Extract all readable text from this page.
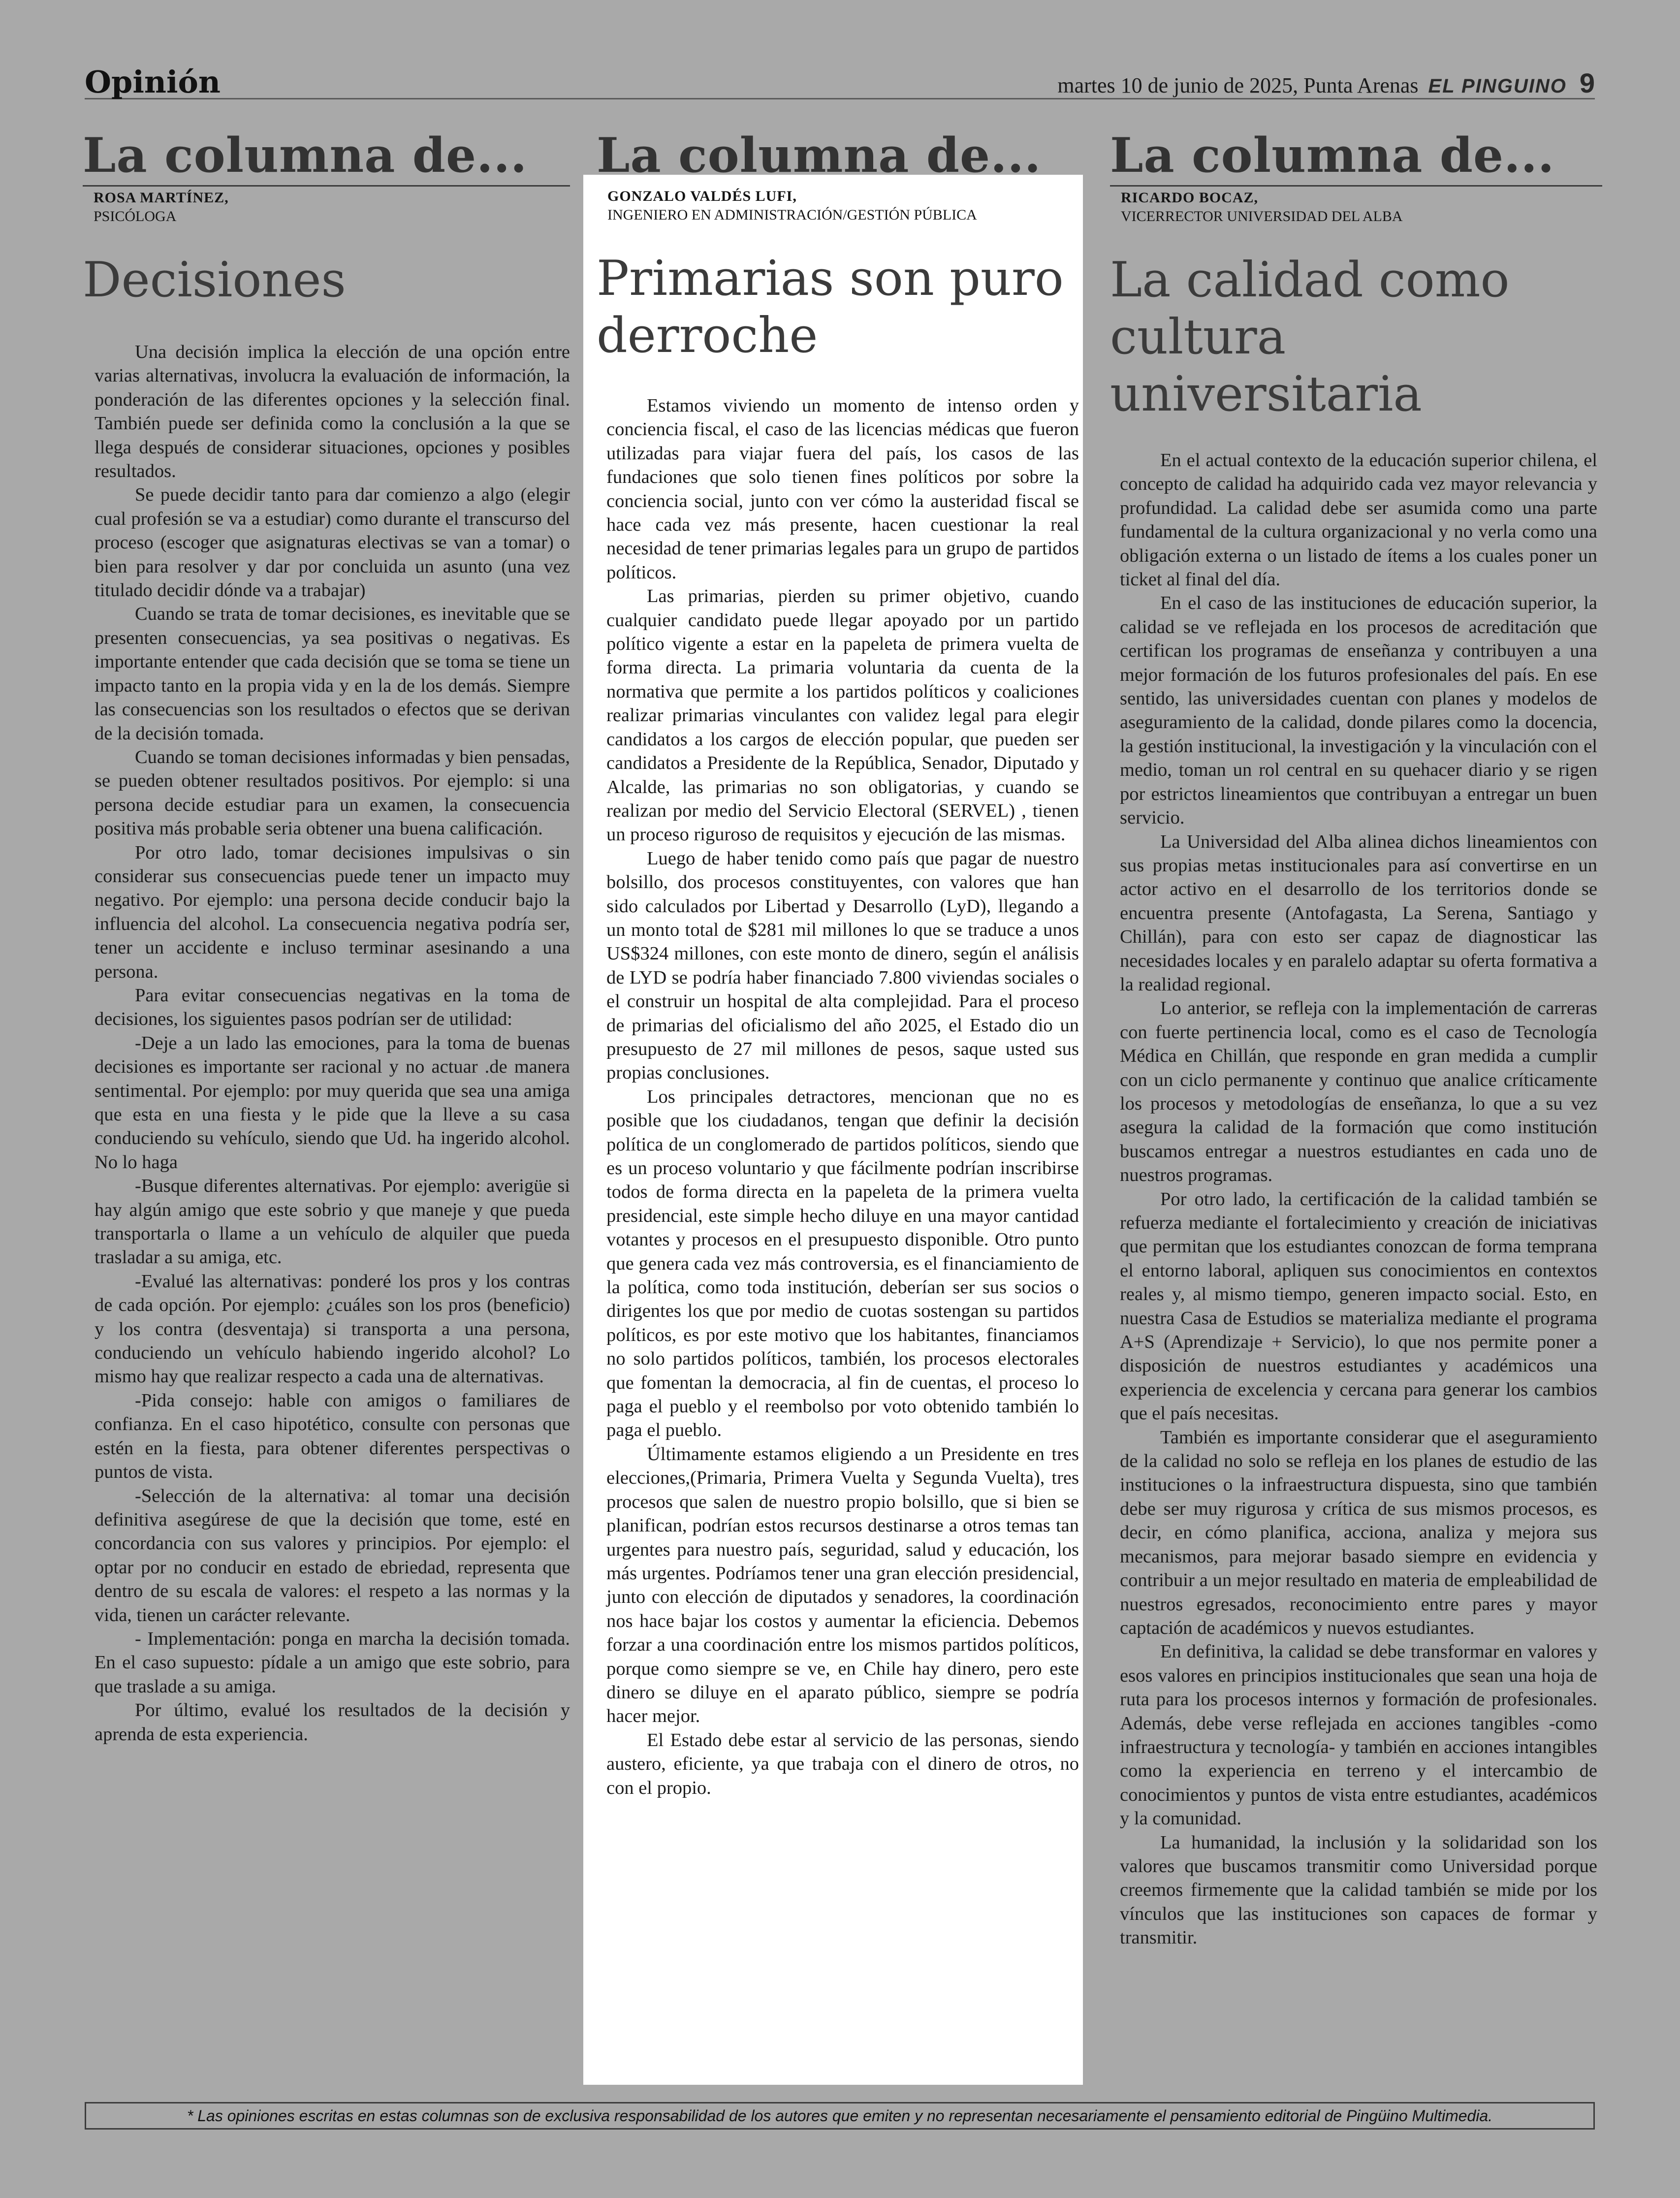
Opinión	martes 10 de junio de 2025, Punta Arenas EL PINGUINO 9
La columna de...
ROSA MARTÍNEZ,
PSICÓLOGA
Decisiones

Una decisión implica la elección de una opción entre varias alternativas, involucra la evaluación de información, la ponderación de las diferentes opciones y la selección final. También puede ser definida como la conclusión a la que se llega después de considerar situaciones, opciones y posibles resultados.

Se puede decidir tanto para dar comienzo a algo (elegir cual profesión se va a estudiar) como durante el transcurso del proceso (escoger que asignaturas electivas se van a tomar) o bien para resolver y dar por concluida un asunto (una vez titulado decidir dónde va a trabajar)

Cuando se trata de tomar decisiones, es inevitable que se presenten consecuencias, ya sea positivas o negativas. Es importante entender que cada decisión que se toma se tiene un impacto tanto en la propia vida y en la de los demás. Siempre las consecuencias son los resultados o efectos que se derivan de la decisión tomada.

Cuando se toman decisiones informadas y bien pensadas, se pueden obtener resultados positivos. Por ejemplo: si una persona decide estudiar para un examen, la consecuencia positiva más probable seria obtener una buena calificación.

Por otro lado, tomar decisiones impulsivas o sin considerar sus consecuencias puede tener un impacto muy negativo. Por ejemplo: una persona decide conducir bajo la influencia del alcohol. La consecuencia negativa podría ser, tener un accidente e incluso terminar asesinando a una persona.

Para evitar consecuencias negativas en la toma de decisiones, los siguientes pasos podrían ser de utilidad:

-Deje a un lado las emociones, para la toma de buenas decisiones es importante ser racional y no actuar .de manera sentimental. Por ejemplo: por muy querida que sea una amiga que esta en una fiesta y le pide que la lleve a su casa conduciendo su vehículo, siendo que Ud. ha ingerido alcohol. No lo haga

-Busque diferentes alternativas. Por ejemplo: averigüe si hay algún amigo que este sobrio y que maneje y que pueda transportarla o llame a un vehículo de alquiler que pueda trasladar a su amiga, etc.

-Evalué las alternativas: ponderé los pros y los contras de cada opción. Por ejemplo: ¿cuáles son los pros (beneficio) y los contra (desventaja) si transporta a una persona, conduciendo un vehículo habiendo ingerido alcohol? Lo mismo hay que realizar respecto a cada una de alternativas.

-Pida consejo: hable con amigos o familiares de confianza. En el caso hipotético, consulte con personas que estén en la fiesta, para obtener diferentes perspectivas o puntos de vista.

-Selección de la alternativa: al tomar una decisión definitiva asegúrese de que la decisión que tome, esté en concordancia con sus valores y principios. Por ejemplo: el optar por no conducir en estado de ebriedad, representa que dentro de su escala de valores: el respeto a las normas y la vida, tienen un carácter relevante.

- Implementación: ponga en marcha la decisión tomada. En el caso supuesto: pídale a un amigo que este sobrio, para que traslade a su amiga.

Por último, evalué los resultados de la decisión y aprenda de esta experiencia.

La columna de...
GONZALO VALDÉS LUFI,
INGENIERO EN ADMINISTRACIÓN/GESTIÓN PÚBLICA
Primarias son puro derroche

Estamos viviendo un momento de intenso orden y conciencia fiscal, el caso de las licencias médicas que fueron utilizadas para viajar fuera del país, los casos de las fundaciones que solo tienen fines políticos por sobre la conciencia social, junto con ver cómo la austeridad fiscal se hace cada vez más presente, hacen cuestionar la real necesidad de tener primarias legales para un grupo de partidos políticos.

Las primarias, pierden su primer objetivo, cuando cualquier candidato puede llegar apoyado por un partido político vigente a estar en la papeleta de primera vuelta de forma directa. La primaria voluntaria da cuenta de la normativa que permite a los partidos políticos y coaliciones realizar primarias vinculantes con validez legal para elegir candidatos a los cargos de elección popular, que pueden ser candidatos a Presidente de la República, Senador, Diputado y Alcalde, las primarias no son obligatorias, y cuando se realizan por medio del Servicio Electoral (SERVEL) , tienen un proceso riguroso de requisitos y ejecución de las mismas.

Luego de haber tenido como país que pagar de nuestro bolsillo, dos procesos constituyentes, con valores que han sido calculados por Libertad y Desarrollo (LyD), llegando a un monto total de $281 mil millones lo que se traduce a unos US$324 millones, con este monto de dinero, según el análisis de LYD se podría haber financiado 7.800 viviendas sociales o el construir un hospital de alta complejidad. Para el proceso de primarias del oficialismo del año 2025, el Estado dio un presupuesto de 27 mil millones de pesos, saque usted sus propias conclusiones.

Los principales detractores, mencionan que no es posible que los ciudadanos, tengan que definir la decisión política de un conglomerado de partidos políticos, siendo que es un proceso voluntario y que fácilmente podrían inscribirse todos de forma directa en la papeleta de la primera vuelta presidencial, este simple hecho diluye en una mayor cantidad votantes y procesos en el presupuesto disponible. Otro punto que genera cada vez más controversia, es el financiamiento de la política, como toda institución, deberían ser sus socios o dirigentes los que por medio de cuotas sostengan su partidos políticos, es por este motivo que los habitantes, financiamos no solo partidos políticos, también, los procesos electorales que fomentan la democracia, al fin de cuentas, el proceso lo paga el pueblo y el reembolso por voto obtenido también lo paga el pueblo.

Últimamente estamos eligiendo a un Presidente en tres elecciones,(Primaria, Primera Vuelta y Segunda Vuelta), tres procesos que salen de nuestro propio bolsillo, que si bien se planifican, podrían estos recursos destinarse a otros temas tan urgentes para nuestro país, seguridad, salud y educación, los más urgentes. Podríamos tener una gran elección presidencial, junto con elección de diputados y senadores, la coordinación nos hace bajar los costos y aumentar la eficiencia. Debemos forzar a una coordinación entre los mismos partidos políticos, porque como siempre se ve, en Chile hay dinero, pero este dinero se diluye en el aparato público, siempre se podría hacer mejor.

El Estado debe estar al servicio de las personas, siendo austero, eficiente, ya que trabaja con el dinero de otros, no con el propio.

La columna de...
RICARDO BOCAZ,
VICERRECTOR UNIVERSIDAD DEL ALBA
La calidad como cultura universitaria

En el actual contexto de la educación superior chilena, el concepto de calidad ha adquirido cada vez mayor relevancia y profundidad. La calidad debe ser asumida como una parte fundamental de la cultura organizacional y no verla como una obligación externa o un listado de ítems a los cuales poner un ticket al final del día.

En el caso de las instituciones de educación superior, la calidad se ve reflejada en los procesos de acreditación que certifican los programas de enseñanza y contribuyen a una mejor formación de los futuros profesionales del país. En ese sentido, las universidades cuentan con planes y modelos de aseguramiento de la calidad, donde pilares como la docencia, la gestión institucional, la investigación y la vinculación con el medio, toman un rol central en su quehacer diario y se rigen por estrictos lineamientos que contribuyan a entregar un buen servicio.

La Universidad del Alba alinea dichos lineamientos con sus propias metas institucionales para así convertirse en un actor activo en el desarrollo de los territorios donde se encuentra presente (Antofagasta, La Serena, Santiago y Chillán), para con esto ser capaz de diagnosticar las necesidades locales y en paralelo adaptar su oferta formativa a la realidad regional.

Lo anterior, se refleja con la implementación de carreras con fuerte pertinencia local, como es el caso de Tecnología Médica en Chillán, que responde en gran medida a cumplir con un ciclo permanente y continuo que analice críticamente los procesos y metodologías de enseñanza, lo que a su vez asegura la calidad de la formación que como institución buscamos entregar a nuestros estudiantes en cada uno de nuestros programas.

Por otro lado, la certificación de la calidad también se refuerza mediante el fortalecimiento y creación de iniciativas que permitan que los estudiantes conozcan de forma temprana el entorno laboral, apliquen sus conocimientos en contextos reales y, al mismo tiempo, generen impacto social. Esto, en nuestra Casa de Estudios se materializa mediante el programa A+S (Aprendizaje + Servicio), lo que nos permite poner a disposición de nuestros estudiantes y académicos una experiencia de excelencia y cercana para generar los cambios que el país necesitas.

También es importante considerar que el aseguramiento de la calidad no solo se refleja en los planes de estudio de las instituciones o la infraestructura dispuesta, sino que también debe ser muy rigurosa y crítica de sus mismos procesos, es decir, en cómo planifica, acciona, analiza y mejora sus mecanismos, para mejorar basado siempre en evidencia y contribuir a un mejor resultado en materia de empleabilidad de nuestros egresados, reconocimiento entre pares y mayor captación de académicos y nuevos estudiantes.

En definitiva, la calidad se debe transformar en valores y esos valores en principios institucionales que sean una hoja de ruta para los procesos internos y formación de profesionales. Además, debe verse reflejada en acciones tangibles -como infraestructura y tecnología- y también en acciones intangibles como la experiencia en terreno y el intercambio de conocimientos y puntos de vista entre estudiantes, académicos y la comunidad.

La humanidad, la inclusión y la solidaridad son los valores que buscamos transmitir como Universidad porque creemos firmemente que la calidad también se mide por los vínculos que las instituciones son capaces de formar y transmitir.

* Las opiniones escritas en estas columnas son de exclusiva responsabilidad de los autores que emiten y no representan necesariamente el pensamiento editorial de Pingüino Multimedia.
